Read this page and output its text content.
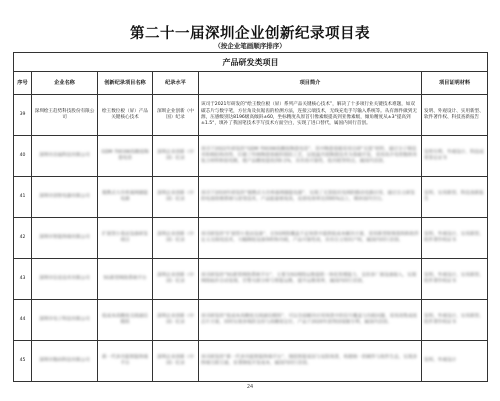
第二十一届深圳企业创新纪录项目表
（按企业笔画顺序排序）
产品研发类项目					
序号	企业名称	创新纪录项目名称	纪录水平	项目简介	项目证明材料
39	深圳绘王趋势科技股份有限公司	绘王数位板（屏）产品关键核心技术	深圳企业创新（中国）纪录	该司于2021年研发的“绘王数位板（屏）系列产品关键核心技术”，解决了十多项行业关键技术难题，如双碳芯片与数字笔，方位角及抗锯齿的检测方法，连接云端技术，无线充电手写输入系统等。从有源件做到无源，压感级别达8196级高倾斜±60，坐标精度从原首引像素级提高到亚像素级，倾角精度从±3°提高到±1.5°，填补了我国笔技术手写技术方面空白，实现了进口替代，属国内同行首创。	发明、外观设计、实用新型、软件著作权、科技查新报告
40	深圳市昌福科技有限公司	GDM 7003W高精度陶瓷电容	深圳企业创新（中国）纪录	该司于2022年研发的“GDM 7003W高精度陶瓷电容”，其中陶瓷基板采用自研“无烧”材料，通过分子筛技术和相结构改性，打破了传统陶瓷基板的烧结工艺，以低温共烧陶瓷技术为基础开发，采用高介电常数纳米复合材料和铂电极，使产品精度提高到0.1%，具有高可靠性、低功耗等特点，属国内首创。	发明专利、外观设计、科技成果鉴定证书
41	深圳市创智电器有限公司	便携式大功率离网储能电源	深圳企业创新（中国）纪录	该司于2019年研发的“便携式大功率离网储能电源”，实现了无需依托电网的移动电源应用，通过自主研发的电池管理系统与逆变技术，产品能量密度高，充放电效率达到95%以上，填补国内空白。	发明、实用新型、科技查新报告
42	深圳市智能终端有限公司	扩展型小基站设备研发项目	深圳企业创新（中国）纪录	该司研发的“扩展型小基站设备”，在5G网络覆盖不足场景中提供低成本解决方案，采用新型射频架构和软件定义无线电技术，大幅降低设备体积和功耗，产品可靠性高，具有自主知识产权，属国内同行首创。	发明、外观设计、实用新型、软件著作权证书
43	深圳市信息技术有限公司	5G新型网络系统平台	深圳企业创新（中国）纪录	该司研发的“5G新型网络系统平台”，主要为5G网络运维提供一体化管理能力，支持多厂商设备接入，实现网络拓扑自动发现、告警关联分析与智能运维，提升运维效率，属国内同行首创。	发明、外观设计、实用新型、软件著作权证书
44	深圳市电子科技有限公司	低成本高精度无线通信模组	深圳企业创新（中国）纪录	该司研发的“低成本高精度无线通信模组”，可以全面解决应用场景中的信号覆盖与功耗问题，采用高集成度芯片方案，同时实现多频段支持与高精度定位，产品于2020年获得国家级专利，属国内首创。	发明、外观设计、实用新型、软件著作权证书
45	深圳市数码科技有限公司	新一代多功能智能终端平台	深圳企业创新（中国）纪录	该司研发的“新一代多功能智能终端平台”，围绕智能家居与安防场景，构建统一的硬件与软件生态，实现多终端互联互通，显著降低开发成本，属国内同行首创。	发明、外观设计
24
